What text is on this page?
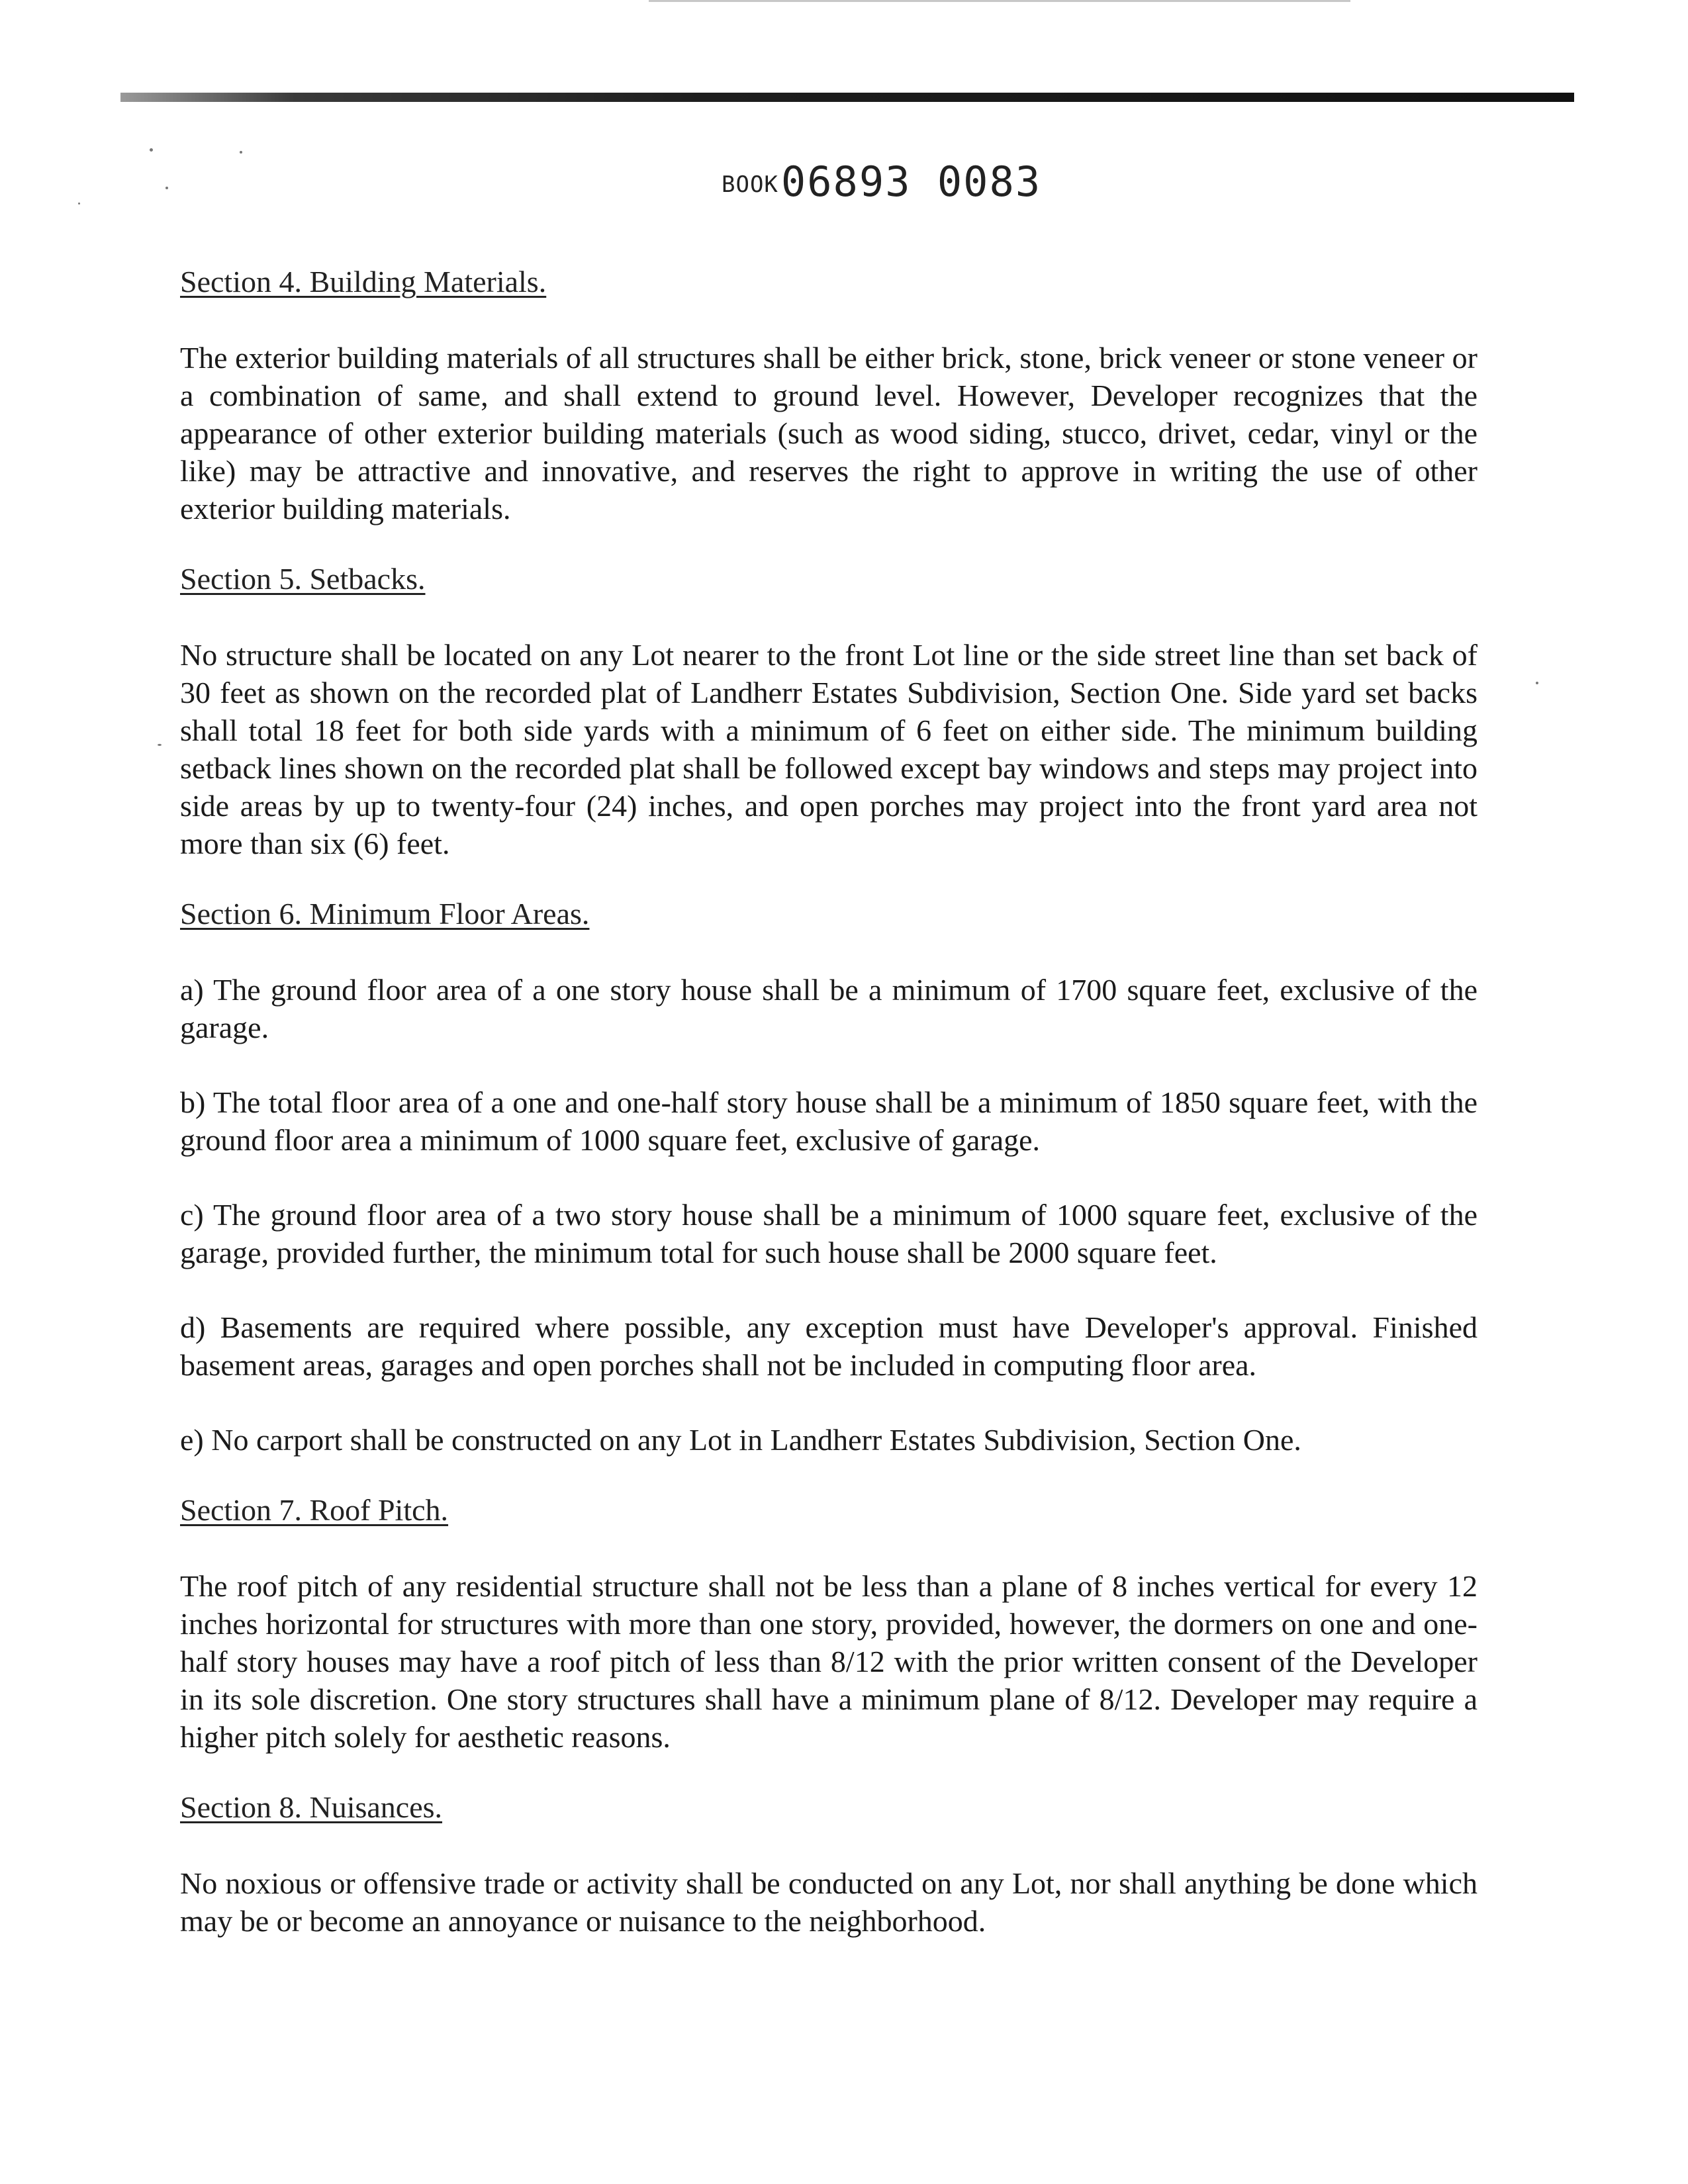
BOOK06893 0083

Section 4. Building Materials.

The exterior building materials of all structures shall be either brick, stone, brick veneer or stone veneer or a combination of same, and shall extend to ground level. However, Developer recognizes that the appearance of other exterior building materials (such as wood siding, stucco, drivet, cedar, vinyl or the like) may be attractive and innovative, and reserves the right to approve in writing the use of other exterior building materials.

Section 5. Setbacks.

No structure shall be located on any Lot nearer to the front Lot line or the side street line than set back of 30 feet as shown on the recorded plat of Landherr Estates Subdivision, Section One. Side yard set backs shall total 18 feet for both side yards with a minimum of 6 feet on either side. The minimum building setback lines shown on the recorded plat shall be followed except bay windows and steps may project into side areas by up to twenty-four (24) inches, and open porches may project into the front yard area not more than six (6) feet.

Section 6. Minimum Floor Areas.

a) The ground floor area of a one story house shall be a minimum of 1700 square feet, exclusive of the garage.

b) The total floor area of a one and one-half story house shall be a minimum of 1850 square feet, with the ground floor area a minimum of 1000 square feet, exclusive of garage.

c) The ground floor area of a two story house shall be a minimum of 1000 square feet, exclusive of the garage, provided further, the minimum total for such house shall be 2000 square feet.

d) Basements are required where possible, any exception must have Developer's approval. Finished basement areas, garages and open porches shall not be included in computing floor area.

e) No carport shall be constructed on any Lot in Landherr Estates Subdivision, Section One.

Section 7. Roof Pitch.

The roof pitch of any residential structure shall not be less than a plane of 8 inches vertical for every 12 inches horizontal for structures with more than one story, provided, however, the dormers on one and one-half story houses may have a roof pitch of less than 8/12 with the prior written consent of the Developer in its sole discretion. One story structures shall have a minimum plane of 8/12. Developer may require a higher pitch solely for aesthetic reasons.

Section 8. Nuisances.

No noxious or offensive trade or activity shall be conducted on any Lot, nor shall anything be done which may be or become an annoyance or nuisance to the neighborhood.
